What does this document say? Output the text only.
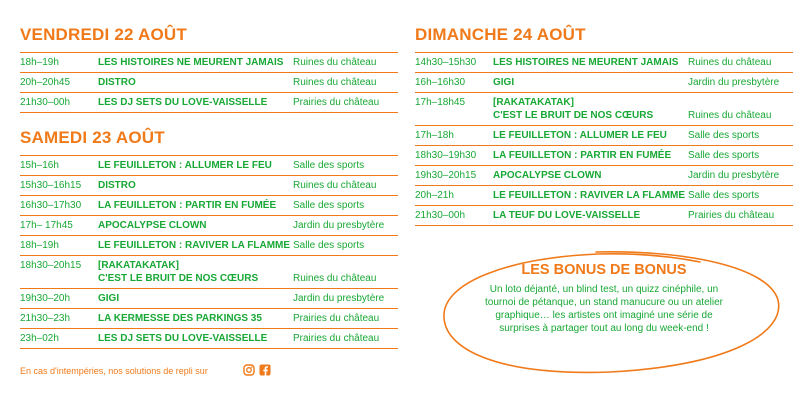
VENDREDI 22 AOÛT
18h–19h	LES HISTOIRES NE MEURENT JAMAIS Ruines du château
20h–20h45	DISTRO	Ruines du château
21h30–00h	LES DJ SETS DU LOVE-VAISSELLE	Prairies du château
SAMEDI 23 AOÛT
15h–16h	LE FEUILLETON : ALLUMER LE FEU Salle des sports
15h30–16h15 DISTRO	Ruines du château
16h30–17h30 LA FEUILLETON : PARTIR EN FUMÉE Salle des sports
17h– 17h45	APOCALYPSE CLOWN	Jardin du presbytère
18h–19h	LE FEUILLETON : RAVIVER LA FLAMME Salle des sports
18h30–20h15 [RAKATAKATAK]
C'EST LE BRUIT DE NOS CŒURS	Ruines du château
19h30–20h	GIGI	Jardin du presbytère
21h30–23h	LA KERMESSE DES PARKINGS 35	Prairies du château
23h–02h	LES DJ SETS DU LOVE-VAISSELLE	Prairies du château
DIMANCHE 24 AOÛT
14h30–15h30 LES HISTOIRES NE MEURENT JAMAIS Ruines du château
16h–16h30	GIGI	Jardin du presbytère
17h–18h45	[RAKATAKATAK]
C'EST LE BRUIT DE NOS CŒURS	Ruines du château
17h–18h	LE FEUILLETON : ALLUMER LE FEU Salle des sports
18h30–19h30 LA FEUILLETON : PARTIR EN FUMÉE Salle des sports
19h30–20h15 APOCALYPSE CLOWN	Jardin du presbytère
20h–21h	LE FEUILLETON : RAVIVER LA FLAMME Salle des sports
21h30–00h	LA TEUF DU LOVE-VAISSELLE	Prairies du château
En cas d'intempéries, nos solutions de repli sur
LES BONUS DE BONUS
Un loto déjanté, un blind test, un quizz cinéphile, un tournoi de pétanque, un stand manucure ou un atelier graphique… les artistes ont imaginé une série de surprises à partager tout au long du week-end !
